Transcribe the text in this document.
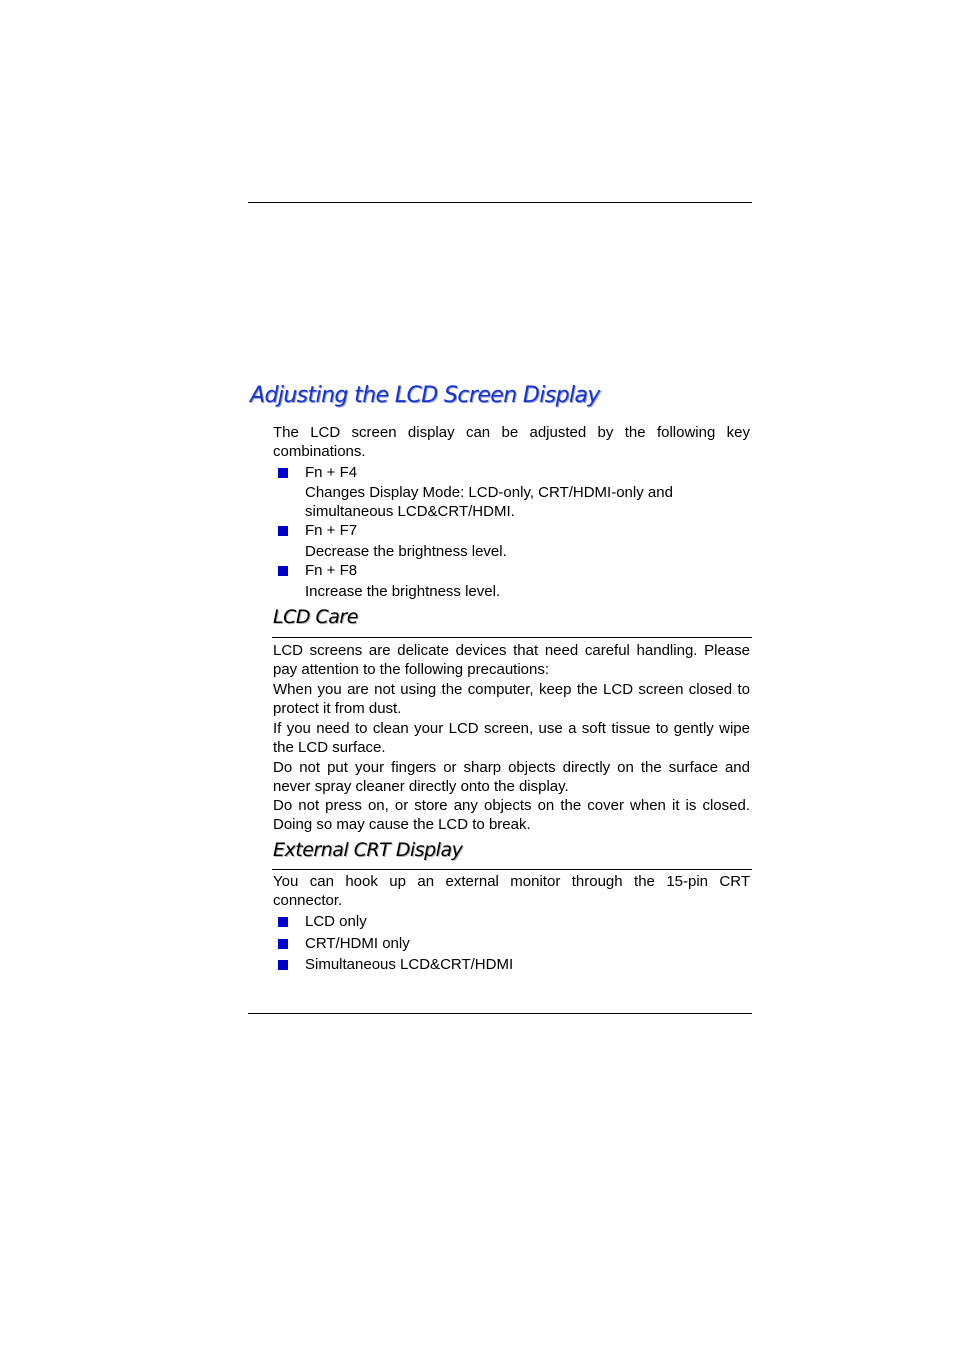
Adjusting the LCD Screen Display

The LCD screen display can be adjusted by the following key combinations.

Fn + F4

Changes Display Mode: LCD-only, CRT/HDMI-only and simultaneous LCD&CRT/HDMI.

Fn + F7

Decrease the brightness level.

Fn + F8

Increase the brightness level.

LCD Care

LCD screens are delicate devices that need careful handling. Please pay attention to the following precautions:

When you are not using the computer, keep the LCD screen closed to protect it from dust.

If you need to clean your LCD screen, use a soft tissue to gently wipe the LCD surface.

Do not put your fingers or sharp objects directly on the surface and never spray cleaner directly onto the display.

Do not press on, or store any objects on the cover when it is closed. Doing so may cause the LCD to break.

External CRT Display

You can hook up an external monitor through the 15-pin CRT connector.

LCD only

CRT/HDMI only

Simultaneous LCD&CRT/HDMI
